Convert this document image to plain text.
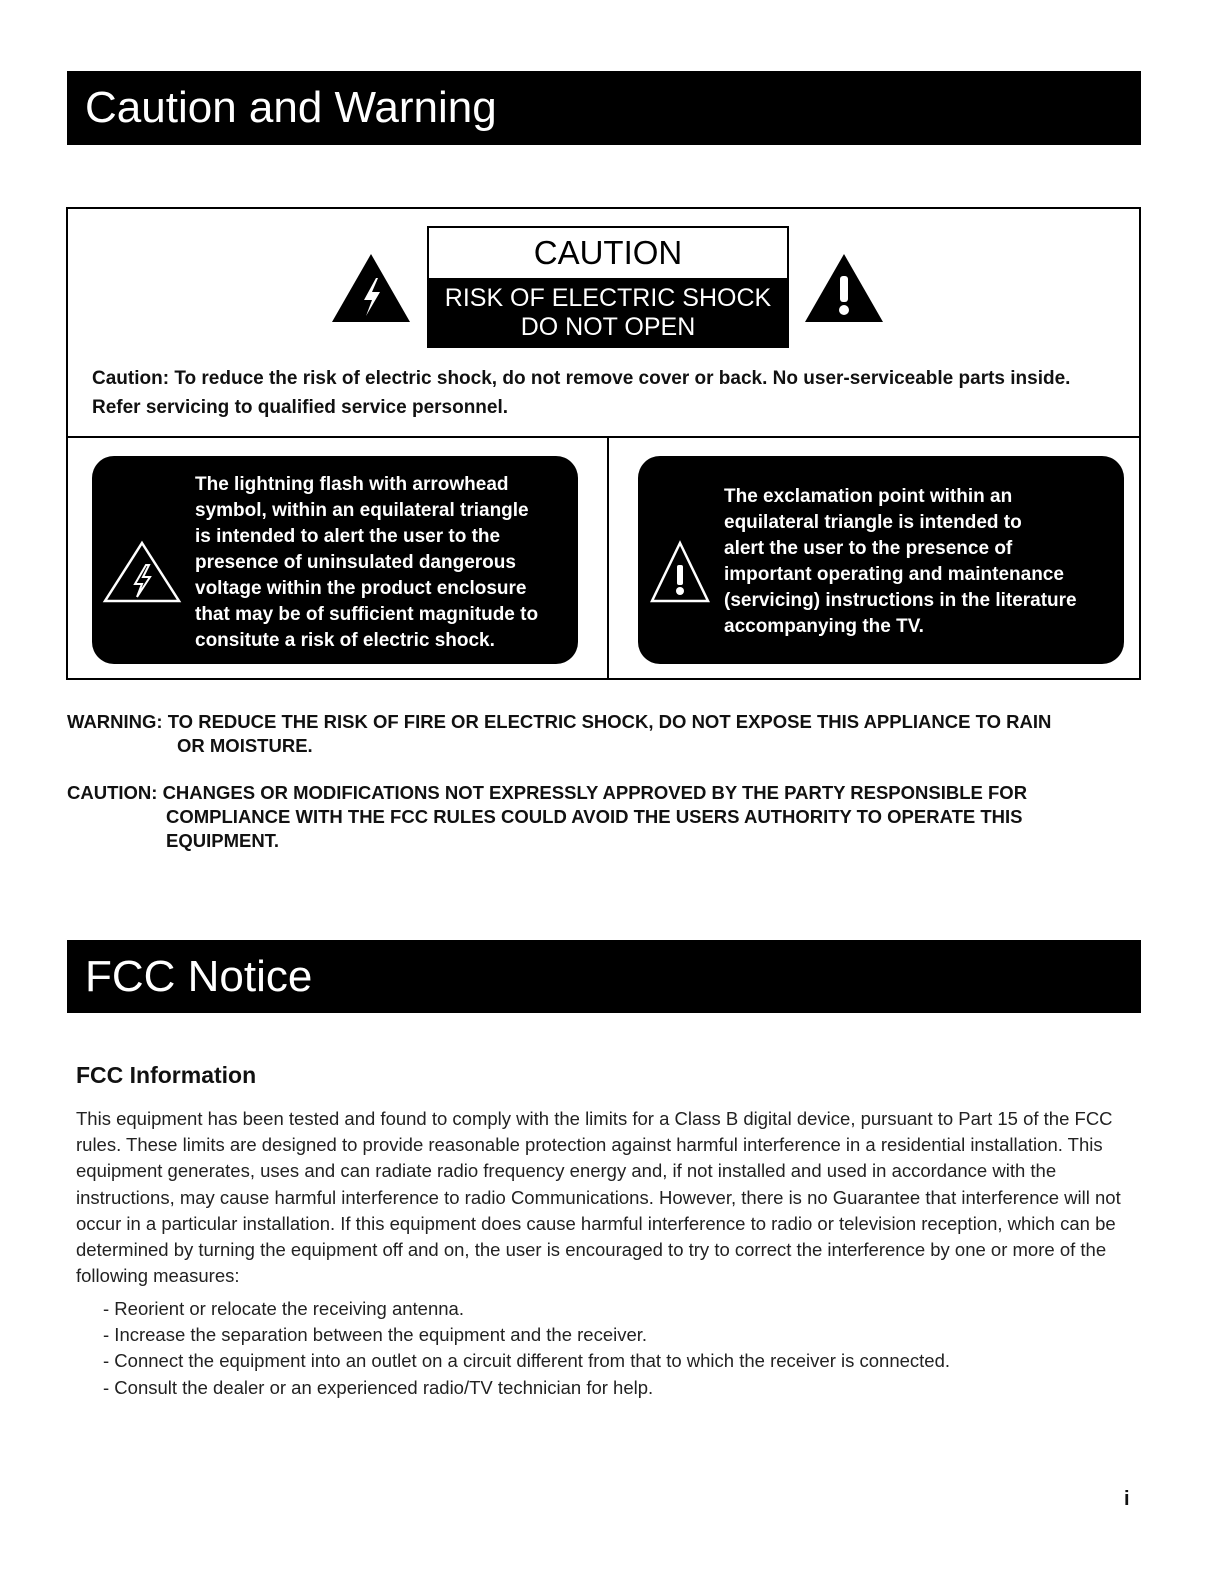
Caution and Warning
CAUTION
RISK OF ELECTRIC SHOCK
DO NOT OPEN
Caution: To reduce the risk of electric shock, do not remove cover or back. No user-serviceable parts inside. Refer servicing to qualified service personnel.
The lightning flash with arrowhead
symbol, within an equilateral triangle
is intended to alert the user to the
presence of uninsulated dangerous
voltage within the product enclosure
that may be of sufficient magnitude to
consitute a risk of electric shock.
The exclamation point within an
equilateral triangle is intended to
alert the user to the presence of
important operating and maintenance
(servicing) instructions in the literature
accompanying the TV.
WARNING: TO REDUCE THE RISK OF FIRE OR ELECTRIC SHOCK, DO NOT EXPOSE THIS APPLIANCE TO RAIN
OR MOISTURE.
CAUTION: CHANGES OR MODIFICATIONS NOT EXPRESSLY APPROVED BY THE PARTY RESPONSIBLE FOR
COMPLIANCE WITH THE FCC RULES COULD AVOID THE USERS AUTHORITY TO OPERATE THIS
EQUIPMENT.
FCC Notice
FCC Information
This equipment has been tested and found to comply with the limits for a Class B digital device, pursuant to Part 15 of the FCC rules. These limits are designed to provide reasonable protection against harmful interference in a residential installation. This equipment generates, uses and can radiate radio frequency energy and, if not installed and used in accordance with the instructions, may cause harmful interference to radio Communications. However, there is no Guarantee that interference will not occur in a particular installation. If this equipment does cause harmful interference to radio or television reception, which can be determined by turning the equipment off and on, the user is encouraged to try to correct the interference by one or more of the following measures:
- Reorient or relocate the receiving antenna.
- Increase the separation between the equipment and the receiver.
- Connect the equipment into an outlet on a circuit different from that to which the receiver is connected.
- Consult the dealer or an experienced radio/TV technician for help.
i
